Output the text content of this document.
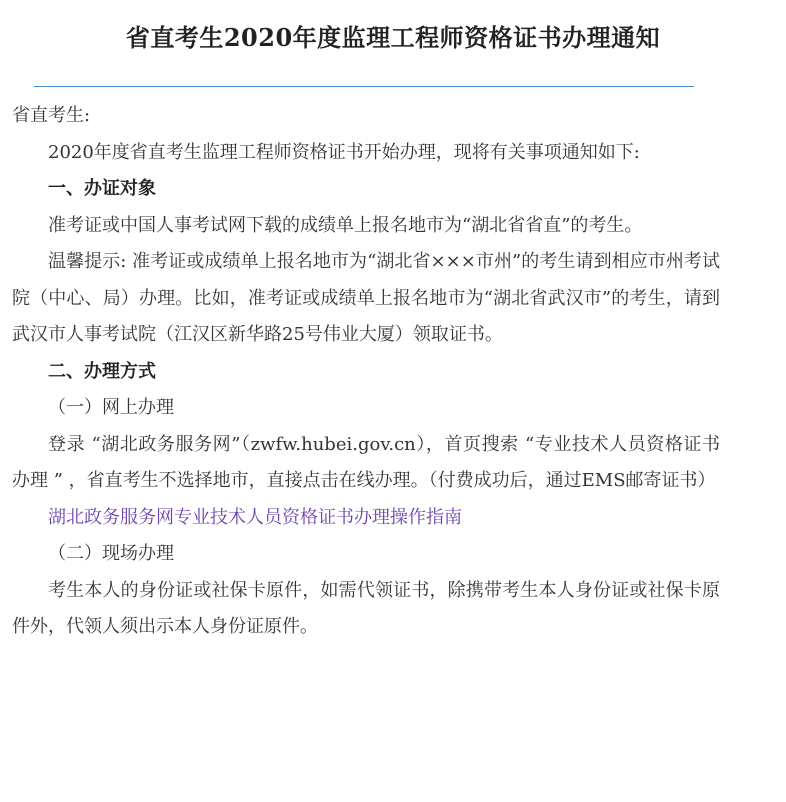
省直考生2020年度监理工程师资格证书办理通知

省直考生:

2020年度省直考生监理工程师资格证书开始办理，现将有关事项通知如下:

一、办证对象

准考证或中国人事考试网下载的成绩单上报名地市为“湖北省省直”的考生。

温馨提示: 准考证或成绩单上报名地市为“湖北省×××市州”的考生请到相应市州考试院（中心、局）办理。比如，准考证或成绩单上报名地市为“湖北省武汉市”的考生，请到武汉市人事考试院（江汉区新华路25号伟业大厦）领取证书。

二、办理方式

（一）网上办理

登录 “湖北政务服务网”（zwfw.hubei.gov.cn），首页搜索 “专业技术人员资格证书办理 ” ，省直考生不选择地市，直接点击在线办理。（付费成功后，通过EMS邮寄证书）

湖北政务服务网专业技术人员资格证书办理操作指南

（二）现场办理

考生本人的身份证或社保卡原件，如需代领证书，除携带考生本人身份证或社保卡原件外，代领人须出示本人身份证原件。
